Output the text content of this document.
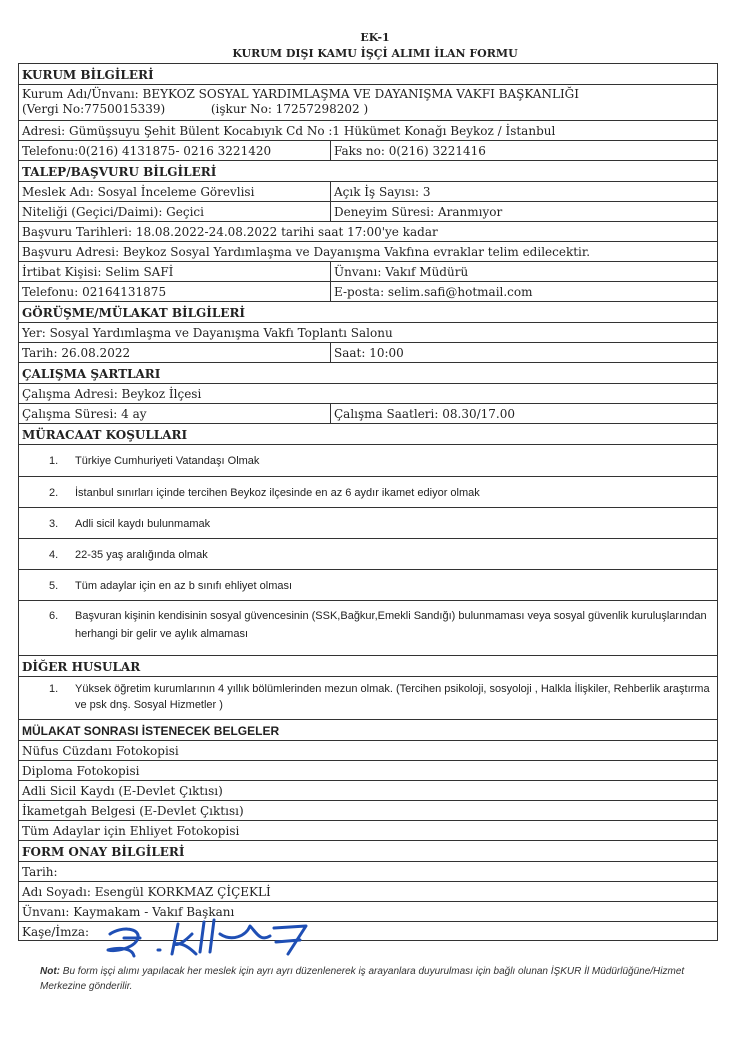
EK-1
KURUM DIŞI KAMU İŞÇİ ALIMI İLAN FORMU
KURUM BİLGİLERİ
Kurum Adı/Ünvanı: BEYKOZ SOSYAL YARDIMLAŞMA VE DAYANIŞMA VAKFI BAŞKANLIĞI
(Vergi No:7750015339)	(işkur No: 17257298202 )
Adresi: Gümüşsuyu Şehit Bülent Kocabıyık Cd No :1 Hükümet Konağı Beykoz / İstanbul
Telefonu:0(216) 4131875- 0216 3221420	Faks no: 0(216) 3221416
TALEP/BAŞVURU BİLGİLERİ
Meslek Adı: Sosyal İnceleme Görevlisi	Açık İş Sayısı: 3
Niteliği (Geçici/Daimi): Geçici	Deneyim Süresi: Aranmıyor
Başvuru Tarihleri: 18.08.2022-24.08.2022 tarihi saat 17:00'ye kadar
Başvuru Adresi: Beykoz Sosyal Yardımlaşma ve Dayanışma Vakfına evraklar telim edilecektir.
İrtibat Kişisi: Selim SAFİ	Ünvanı: Vakıf Müdürü
Telefonu: 02164131875	E-posta: selim.safi@hotmail.com
GÖRÜŞME/MÜLAKAT BİLGİLERİ
Yer: Sosyal Yardımlaşma ve Dayanışma Vakfı Toplantı Salonu
Tarih: 26.08.2022	Saat: 10:00
ÇALIŞMA ŞARTLARI
Çalışma Adresi: Beykoz İlçesi
Çalışma Süresi: 4 ay	Çalışma Saatleri: 08.30/17.00
MÜRACAAT KOŞULLARI
1. Türkiye Cumhuriyeti Vatandaşı Olmak
2. İstanbul sınırları içinde tercihen Beykoz ilçesinde en az 6 aydır ikamet ediyor olmak
3. Adli sicil kaydı bulunmamak
4. 22-35 yaş aralığında olmak
5. Tüm adaylar için en az b sınıfı ehliyet olması
6. Başvuran kişinin kendisinin sosyal güvencesinin (SSK,Bağkur,Emekli Sandığı) bulunmaması veya sosyal güvenlik kuruluşlarından herhangi bir gelir ve aylık almaması
DİĞER HUSULAR
1. Yüksek öğretim kurumlarının 4 yıllık bölümlerinden mezun olmak. (Tercihen psikoloji, sosyoloji , Halkla İlişkiler, Rehberlik araştırma ve psk dnş. Sosyal Hizmetler )
MÜLAKAT SONRASI İSTENECEK BELGELER
Nüfus Cüzdanı Fotokopisi
Diploma Fotokopisi
Adli Sicil Kaydı (E-Devlet Çıktısı)
İkametgah Belgesi (E-Devlet Çıktısı)
Tüm Adaylar için Ehliyet Fotokopisi
FORM ONAY BİLGİLERİ
Tarih:
Adı Soyadı: Esengül KORKMAZ ÇİÇEKLİ
Ünvanı: Kaymakam - Vakıf Başkanı
Kaşe/İmza:
Not: Bu form işçi alımı yapılacak her meslek için ayrı ayrı düzenlenerek iş arayanlara duyurulması için bağlı olunan İŞKUR İl Müdürlüğüne/Hizmet Merkezine gönderilir.
